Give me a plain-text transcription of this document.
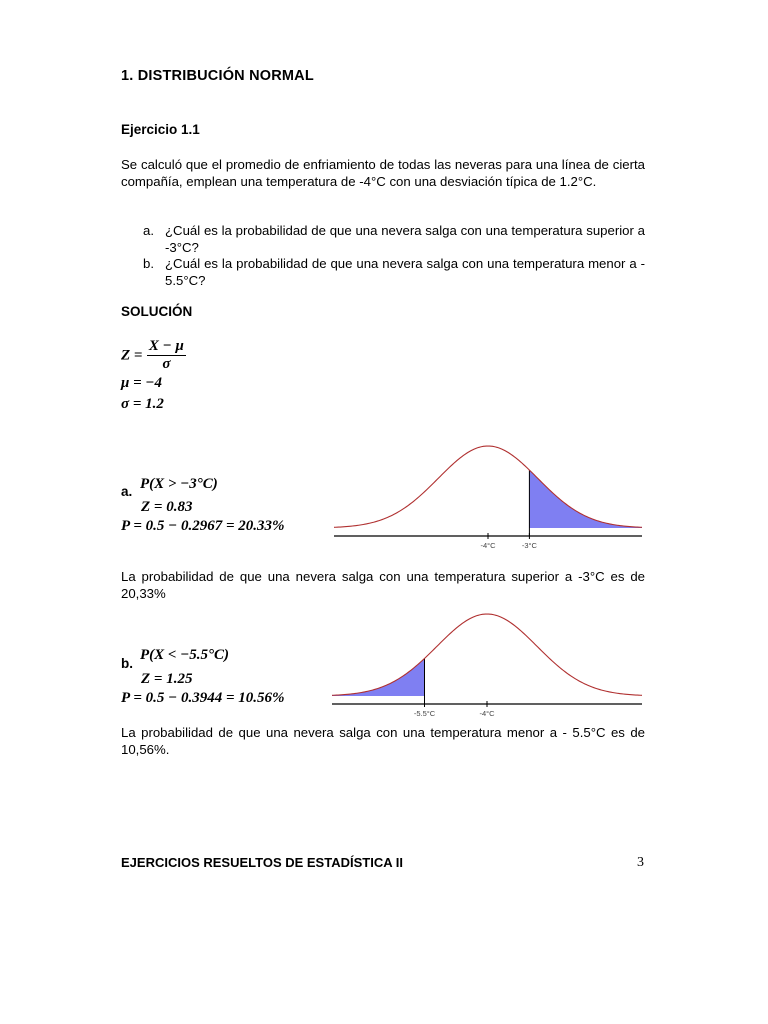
1. DISTRIBUCIÓN NORMAL
Ejercicio 1.1
Se calculó que el promedio de enfriamiento de todas las neveras para una línea de cierta compañía, emplean una temperatura de -4°C con una desviación típica de 1.2°C.
a. ¿Cuál es la probabilidad de que una nevera salga con una temperatura superior a -3°C?
b. ¿Cuál es la probabilidad de que una nevera salga con una temperatura menor a - 5.5°C?
SOLUCIÓN
$Z = \frac{X - \mu}{\sigma}$
μ = −4
σ = 1.2
a. P(X > −3°C)
Z = 0.83
P = 0.5 − 0.2967 = 20.33%
-4°C	-3°C
La probabilidad de que una nevera salga con una temperatura superior a -3°C es de 20,33%
b.
P(X < −5.5°C)
Z = 1.25
P = 0.5 − 0.3944 = 10.56%
-5.5°C	-4°C
La probabilidad de que una nevera salga con una temperatura menor a - 5.5°C es de 10,56%.
EJERCICIOS RESUELTOS DE ESTADÍSTICA II	3
